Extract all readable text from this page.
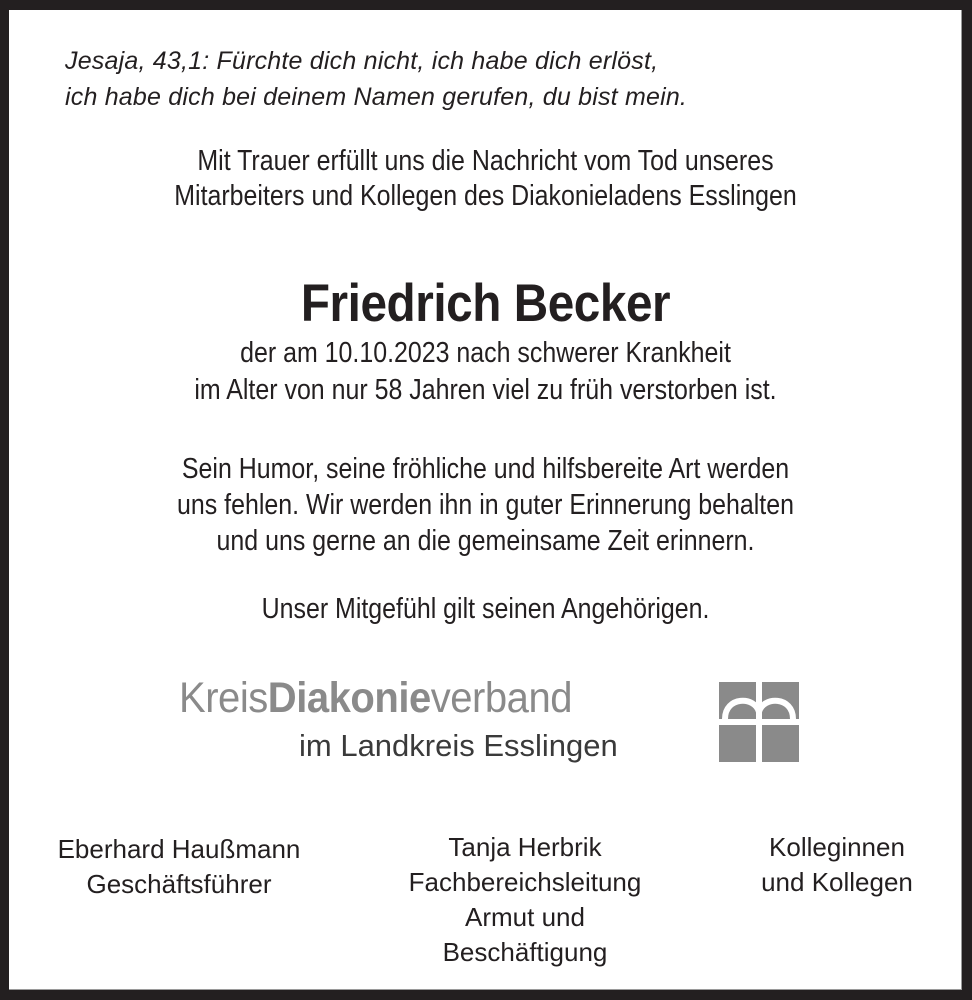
Jesaja, 43,1: Fürchte dich nicht, ich habe dich erlöst,
ich habe dich bei deinem Namen gerufen, du bist mein.
Mit Trauer erfüllt uns die Nachricht vom Tod unseres
Mitarbeiters und Kollegen des Diakonieladens Esslingen
Friedrich Becker
der am 10.10.2023 nach schwerer Krankheit
im Alter von nur 58 Jahren viel zu früh verstorben ist.
Sein Humor, seine fröhliche und hilfsbereite Art werden
uns fehlen. Wir werden ihn in guter Erinnerung behalten
und uns gerne an die gemeinsame Zeit erinnern.
Unser Mitgefühl gilt seinen Angehörigen.
KreisDiakonieverband
im Landkreis Esslingen
Eberhard Haußmann
Geschäftsführer
Tanja Herbrik
Fachbereichsleitung
Armut und
Beschäftigung
Kolleginnen
und Kollegen
